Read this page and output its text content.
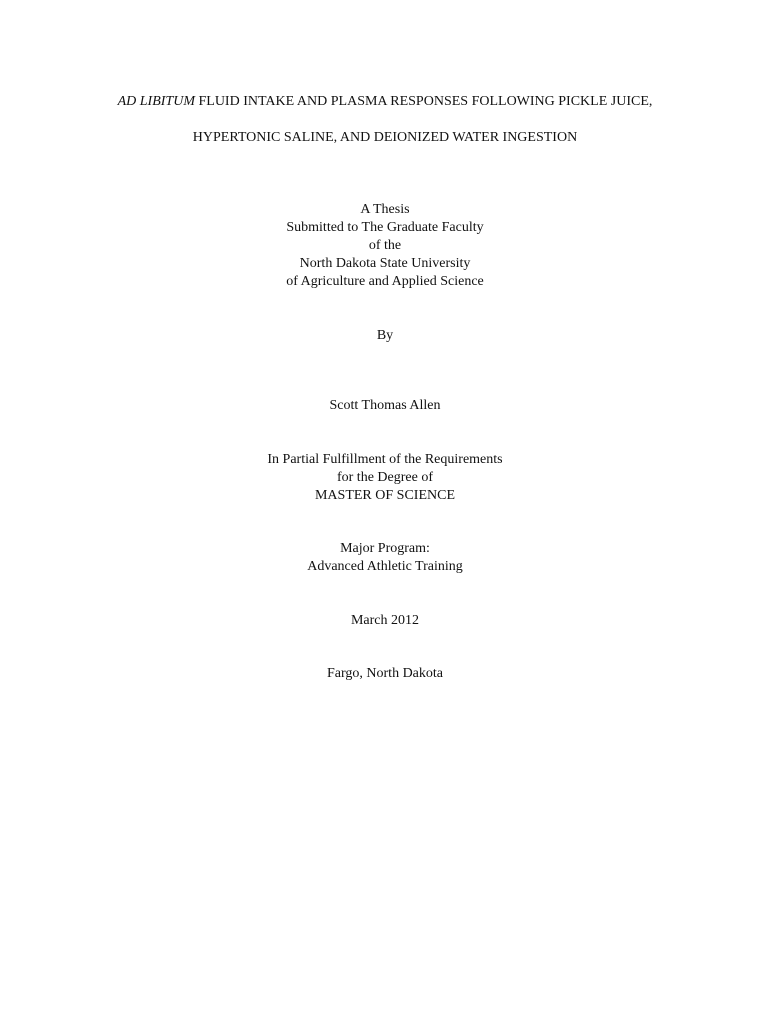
AD LIBITUM FLUID INTAKE AND PLASMA RESPONSES FOLLOWING PICKLE JUICE,
HYPERTONIC SALINE, AND DEIONIZED WATER INGESTION
A Thesis
Submitted to The Graduate Faculty
of the
North Dakota State University
of Agriculture and Applied Science
By
Scott Thomas Allen
In Partial Fulfillment of the Requirements
for the Degree of
MASTER OF SCIENCE
Major Program:
Advanced Athletic Training
March 2012
Fargo, North Dakota
